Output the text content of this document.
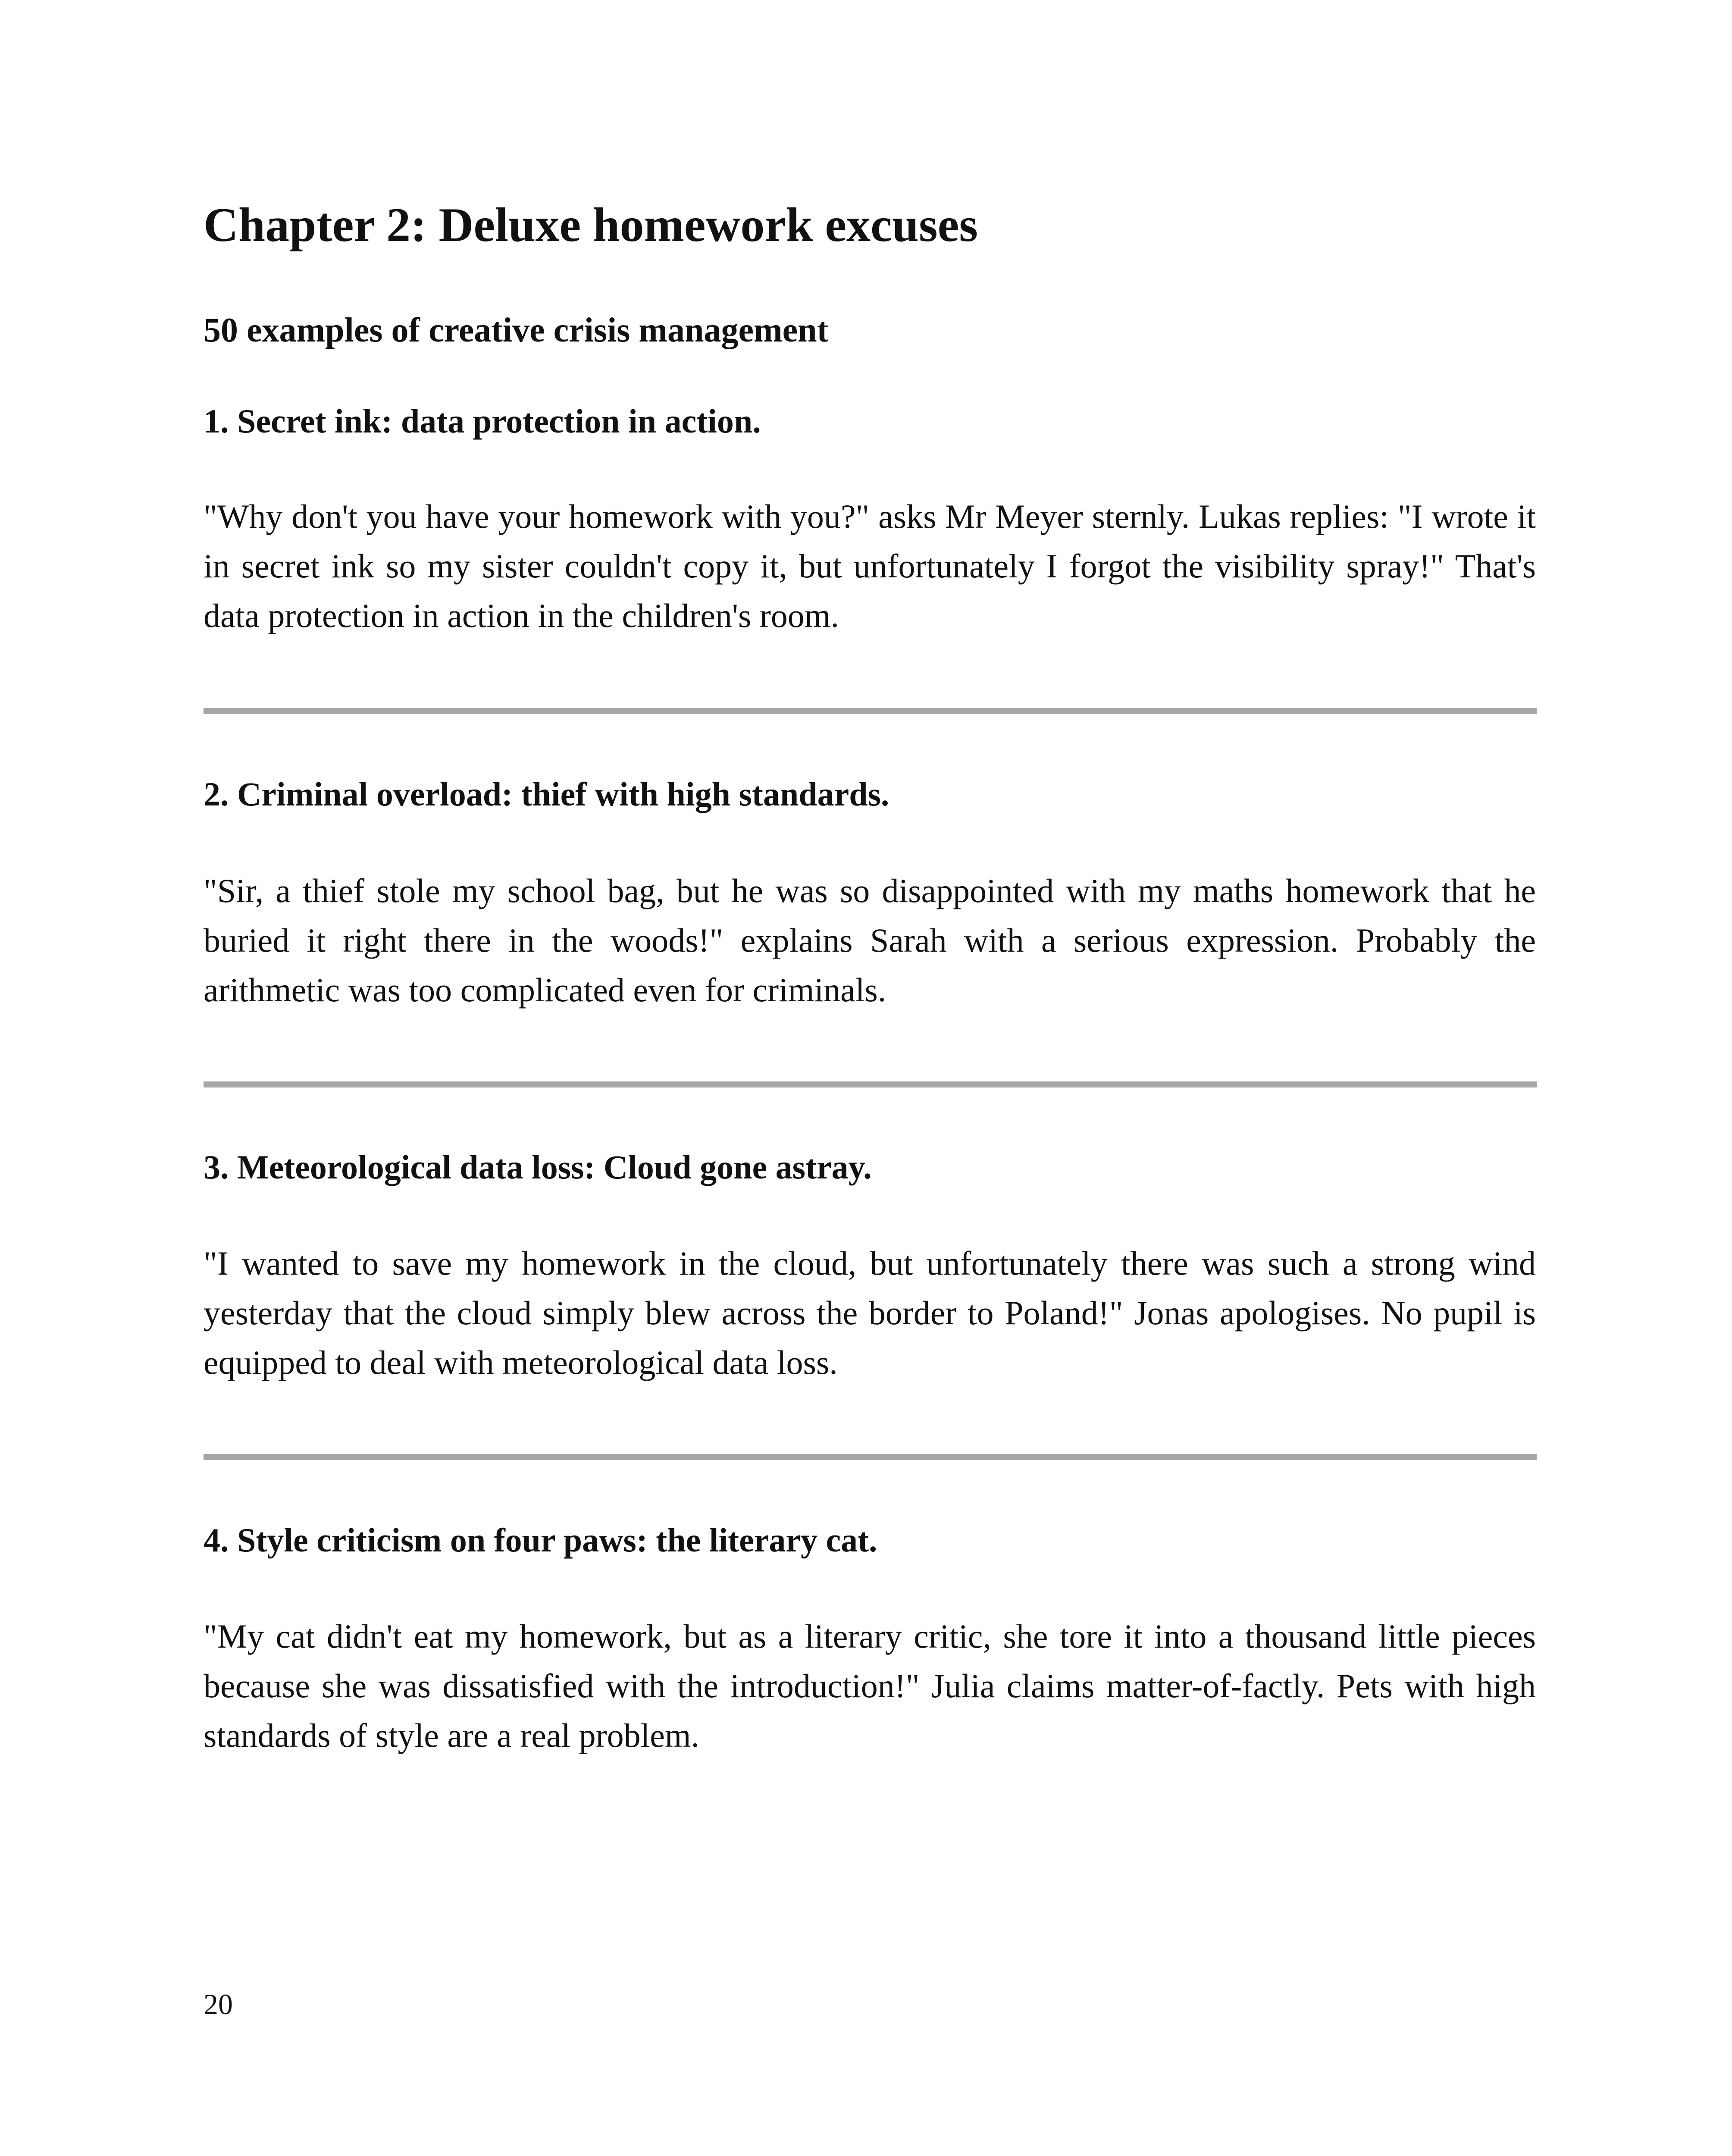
Chapter 2: Deluxe homework excuses

50 examples of creative crisis management

1. Secret ink: data protection in action.

"Why don't you have your homework with you?" asks Mr Meyer sternly. Lukas replies: "I wrote it in secret ink so my sister couldn't copy it, but unfortunately I forgot the visibility spray!" That's data protection in action in the children's room.

2. Criminal overload: thief with high standards.

"Sir, a thief stole my school bag, but he was so disappointed with my maths homework that he buried it right there in the woods!" explains Sarah with a serious expression. Probably the arithmetic was too complicated even for criminals.

3. Meteorological data loss: Cloud gone astray.

"I wanted to save my homework in the cloud, but unfortunately there was such a strong wind yesterday that the cloud simply blew across the border to Poland!" Jonas apologises. No pupil is equipped to deal with meteorological data loss.

4. Style criticism on four paws: the literary cat.

"My cat didn't eat my homework, but as a literary critic, she tore it into a thousand little pieces because she was dissatisfied with the introduction!" Julia claims matter-of-factly. Pets with high standards of style are a real problem.

20
